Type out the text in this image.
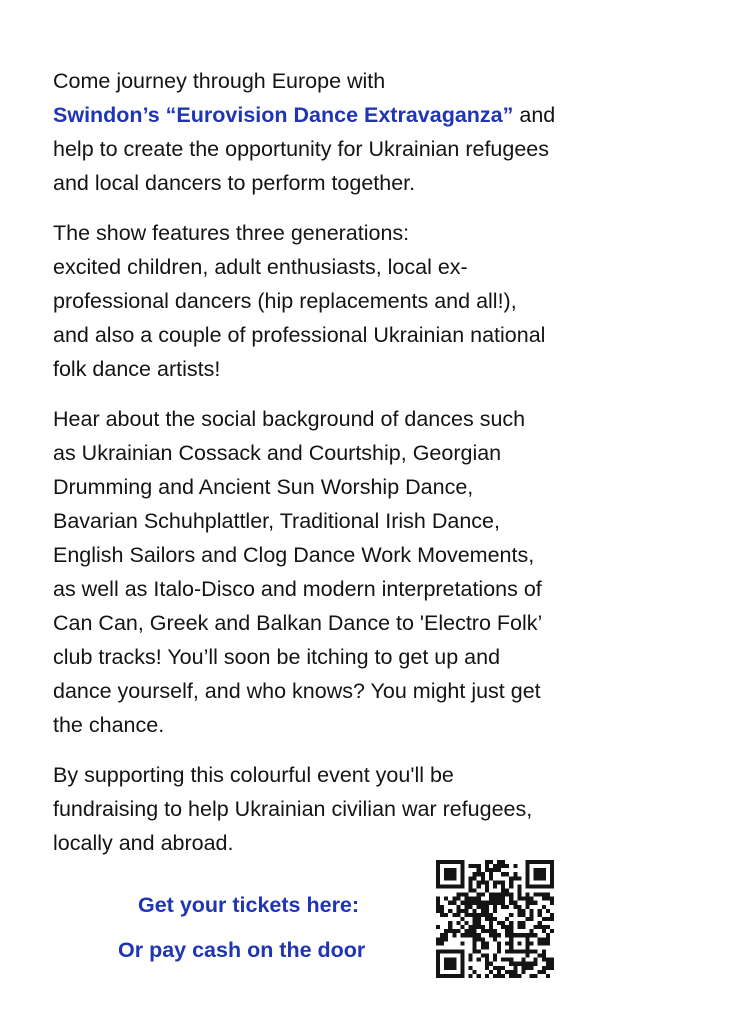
Come journey through Europe with
Swindon’s “Eurovision Dance Extravaganza” and
help to create the opportunity for Ukrainian refugees
and local dancers to perform together.

The show features three generations:
excited children, adult enthusiasts, local ex-
professional dancers (hip replacements and all!),
and also a couple of professional Ukrainian national
folk dance artists!

Hear about the social background of dances such
as Ukrainian Cossack and Courtship, Georgian
Drumming and Ancient Sun Worship Dance,
Bavarian Schuhplattler, Traditional Irish Dance,
English Sailors and Clog Dance Work Movements,
as well as Italo-Disco and modern interpretations of
Can Can, Greek and Balkan Dance to 'Electro Folk’
club tracks! You’ll soon be itching to get up and
dance yourself, and who knows? You might just get
the chance.

By supporting this colourful event you'll be
fundraising to help Ukrainian civilian war refugees,
locally and abroad.

Get your tickets here:
Or pay cash on the door
